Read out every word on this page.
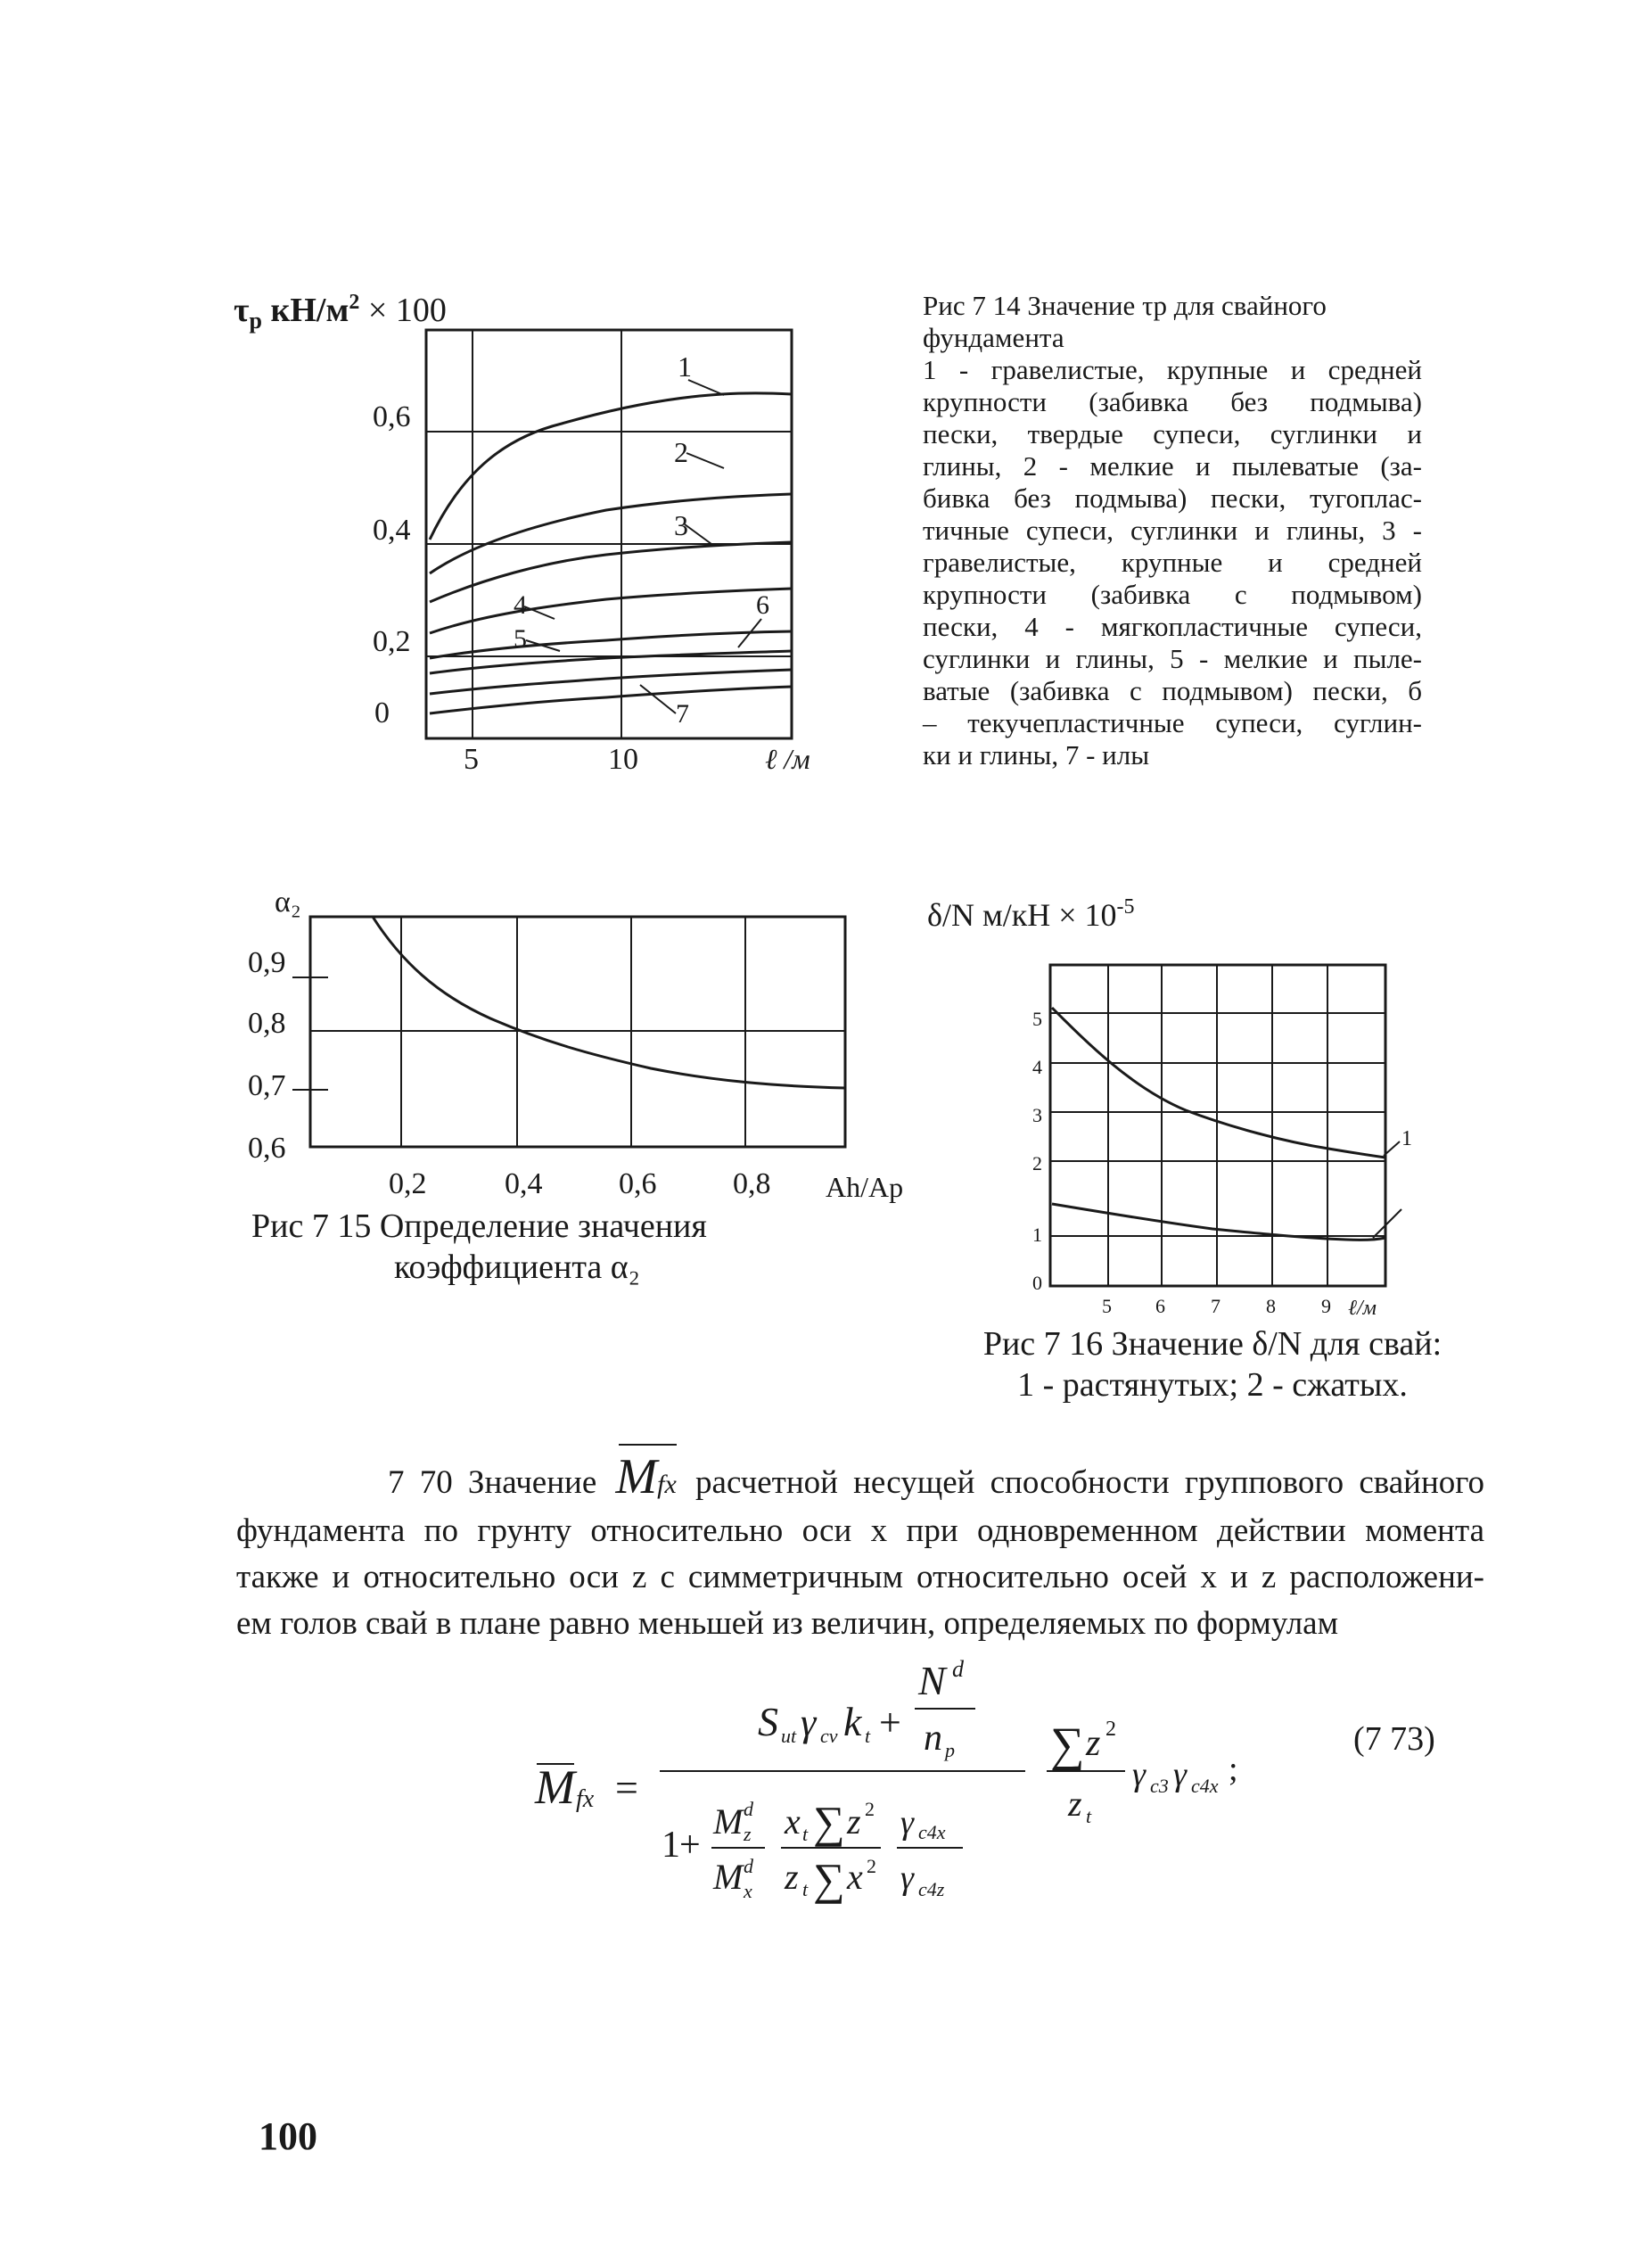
$\tau_р$ $кН/м^2 \times 100$
0,6
0,4
0,2
0
5	10	ℓ /м
1
2
3
4
5
6
7
Рис 7 14 Значение τр для свайного
фундамента
1 - гравелистые, крупные и средней
крупности (забивка без подмыва)
пески, твердые супеси, суглинки и
глины, 2 - мелкие и пылеватые (за-
бивка без подмыва) пески, тугоплас-
тичные супеси, суглинки и глины, 3 -
гравелистые, крупные и средней
крупности (забивка с подмывом)
пески, 4 - мягкопластичные супеси,
суглинки и глины, 5 - мелкие и пыле-
ватые (забивка с подмывом) пески, б
– текучепластичные супеси, суглин-
ки и глины, 7 - илы
α₂
0,9
0,8
0,7
0,6
0,2	0,4	0,6	0,8 Ah/Ap
Рис 7 15 Определение значения
коэффициента α₂
δ/N $м/кН \times 10^{-5}$
5
4
3
2
1
0
5 6 7 8 9 ℓ/м
1
Рис 7 16 Значение δ/N для свай:
1 - растянутых; 2 - сжатых.
7 70 Значение Mfx расчетной несущей способности группового свайного
фундамента по грунту относительно оси x при одновременном действии момента
также и относительно оси z с симметричным относительно осей x и z расположени-
ем голов свай в плане равно меньшей из величин, определяемых по формулам
M fx =
S ut γ cv k t +
N d
n p
1 +
M d
z
M d
x
x t ∑ z 2
z t ∑ x 2
γ c4x
γ c4z
∑ z 2
z t
γ c3 γ c4x ;
(7 73)
100
